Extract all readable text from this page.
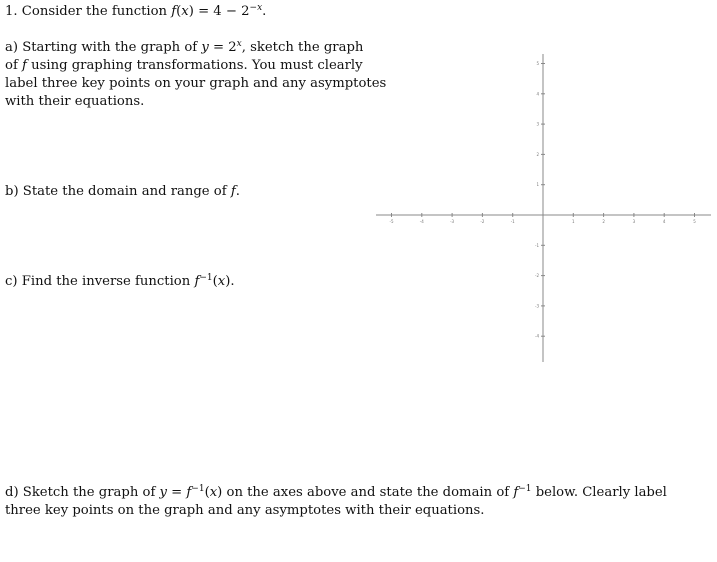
1. Consider the function $f(x) = 4 - 2^{-x}$.
a) Starting with the graph of $y = 2^x$, sketch the graph
of f using graphing transformations. You must clearly
label three key points on your graph and any asymptotes
with their equations.
b) State the domain and range of f.
c) Find the inverse function $f^{-1}(x)$.
d) Sketch the graph of $y = f^{-1}(x)$ on the axes above and state the domain of $f^{-1}$ below. Clearly label
three key points on the graph and any asymptotes with their equations.
-5	-4	-3	-2	-1	1	2	3	4	5
5
4
3
2
1
-1
-2
-3
-4
